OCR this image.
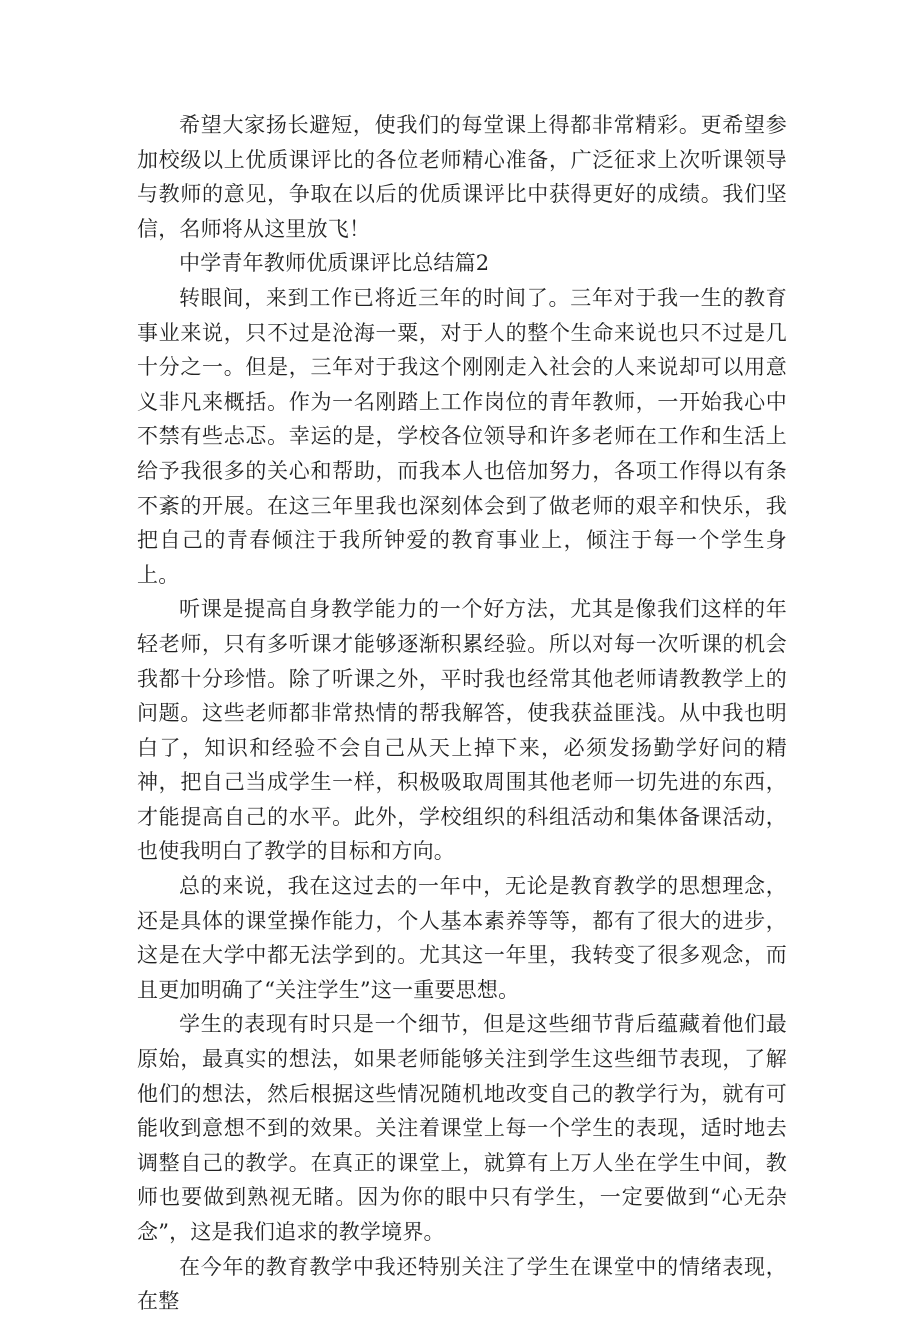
希望大家扬长避短，使我们的每堂课上得都非常精彩。更希望参加校级以上优质课评比的各位老师精心准备，广泛征求上次听课领导与教师的意见，争取在以后的优质课评比中获得更好的成绩。我们坚信，名师将从这里放飞！

中学青年教师优质课评比总结篇2

转眼间，来到工作已将近三年的时间了。三年对于我一生的教育事业来说，只不过是沧海一粟，对于人的整个生命来说也只不过是几十分之一。但是，三年对于我这个刚刚走入社会的人来说却可以用意义非凡来概括。作为一名刚踏上工作岗位的青年教师，一开始我心中不禁有些忐忑。幸运的是，学校各位领导和许多老师在工作和生活上给予我很多的关心和帮助，而我本人也倍加努力，各项工作得以有条不紊的开展。在这三年里我也深刻体会到了做老师的艰辛和快乐，我把自己的青春倾注于我所钟爱的教育事业上，倾注于每一个学生身上。

听课是提高自身教学能力的一个好方法，尤其是像我们这样的年轻老师，只有多听课才能够逐渐积累经验。所以对每一次听课的机会我都十分珍惜。除了听课之外，平时我也经常其他老师请教教学上的问题。这些老师都非常热情的帮我解答，使我获益匪浅。从中我也明白了，知识和经验不会自己从天上掉下来，必须发扬勤学好问的精神，把自己当成学生一样，积极吸取周围其他老师一切先进的东西，才能提高自己的水平。此外，学校组织的科组活动和集体备课活动，也使我明白了教学的目标和方向。

总的来说，我在这过去的一年中，无论是教育教学的思想理念，还是具体的课堂操作能力，个人基本素养等等，都有了很大的进步，这是在大学中都无法学到的。尤其这一年里，我转变了很多观念，而且更加明确了“关注学生”这一重要思想。

学生的表现有时只是一个细节，但是这些细节背后蕴藏着他们最原始，最真实的想法，如果老师能够关注到学生这些细节表现，了解他们的想法，然后根据这些情况随机地改变自己的教学行为，就有可能收到意想不到的效果。关注着课堂上每一个学生的表现，适时地去调整自己的教学。在真正的课堂上，就算有上万人坐在学生中间，教师也要做到熟视无睹。因为你的眼中只有学生，一定要做到“心无杂念”，这是我们追求的教学境界。

在今年的教育教学中我还特别关注了学生在课堂中的情绪表现，在整
